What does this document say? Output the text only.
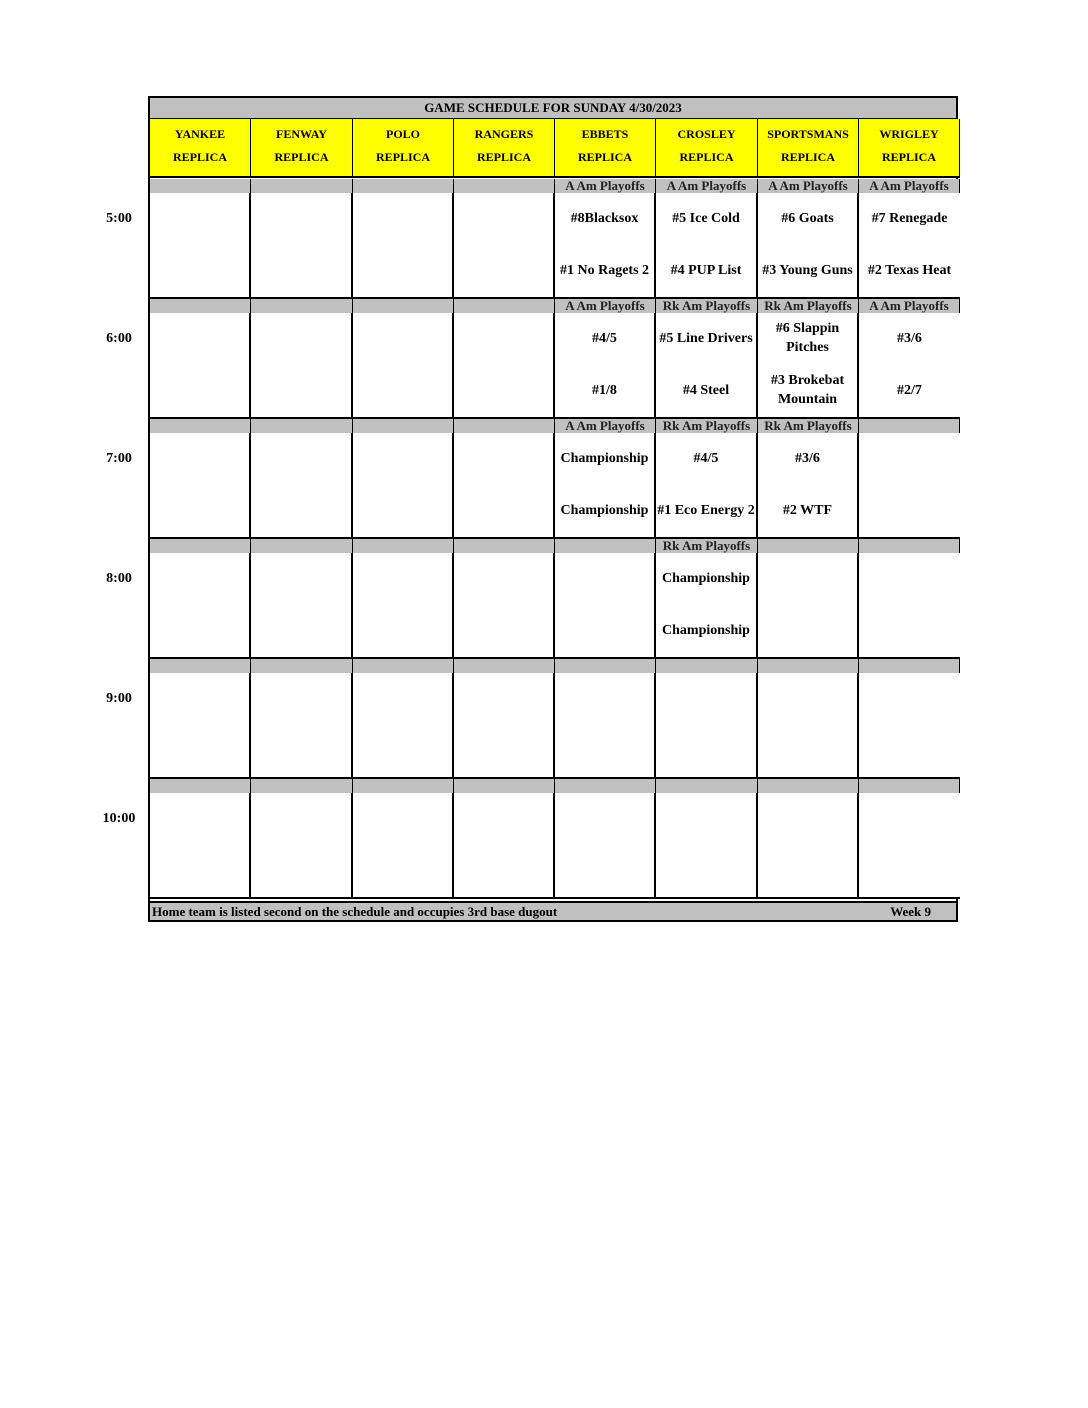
GAME SCHEDULE FOR SUNDAY 4/30/2023
YANKEE
REPLICA
FENWAY
REPLICA
POLO
REPLICA
RANGERS
REPLICA
EBBETS
REPLICA
CROSLEY
REPLICA
SPORTSMANS
REPLICA
WRIGLEY
REPLICA
A Am Playoffs
#8Blacksox
#1 No Ragets 2
A Am Playoffs
#5 Ice Cold
#4 PUP List
A Am Playoffs
#6 Goats
#3 Young Guns
A Am Playoffs
#7 Renegade
#2 Texas Heat
A Am Playoffs
#4/5
#1/8
Rk Am Playoffs
#5 Line Drivers
#4 Steel
Rk Am Playoffs
#6 Slappin Pitches
#3 Brokebat Mountain
A Am Playoffs
#3/6
#2/7
A Am Playoffs
Championship
Championship
Rk Am Playoffs
#4/5
#1 Eco Energy 2
Rk Am Playoffs
#3/6
#2 WTF
Rk Am Playoffs
Championship
Championship
Home team is listed second on the schedule and occupies 3rd base dugout	Week 9
5:00
6:00
7:00
8:00
9:00
10:00
